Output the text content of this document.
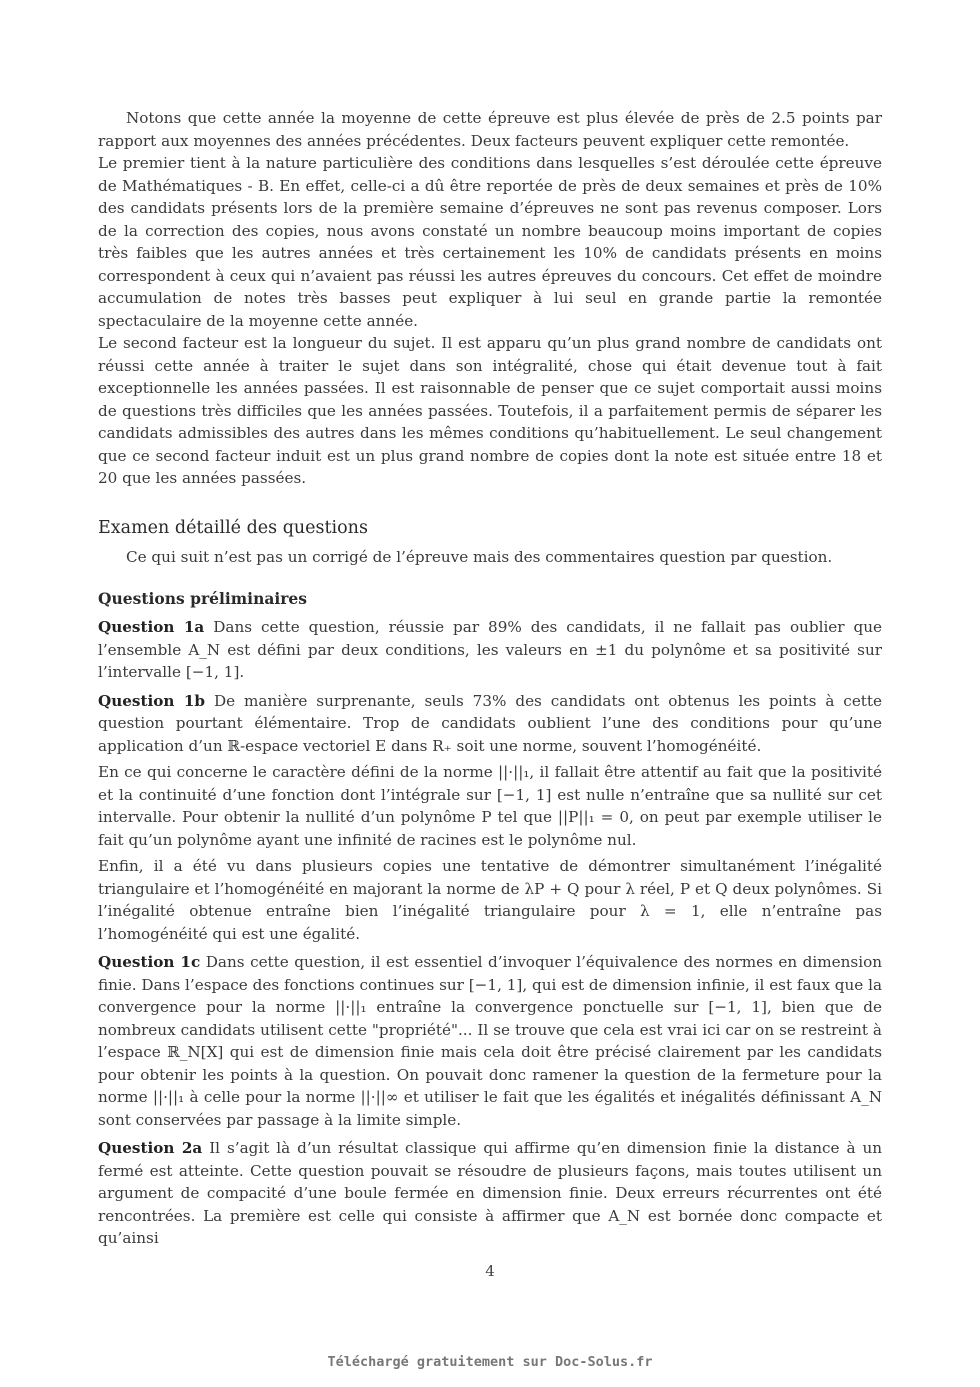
Notons que cette année la moyenne de cette épreuve est plus élevée de près de 2.5 points par rapport aux moyennes des années précédentes. Deux facteurs peuvent expliquer cette remontée.

Le premier tient à la nature particulière des conditions dans lesquelles s’est déroulée cette épreuve de Mathématiques - B. En effet, celle-ci a dû être reportée de près de deux semaines et près de 10% des candidats présents lors de la première semaine d’épreuves ne sont pas revenus composer. Lors de la correction des copies, nous avons constaté un nombre beaucoup moins important de copies très faibles que les autres années et très certainement les 10% de candidats présents en moins correspondent à ceux qui n’avaient pas réussi les autres épreuves du concours. Cet effet de moindre accumulation de notes très basses peut expliquer à lui seul en grande partie la remontée spectaculaire de la moyenne cette année.

Le second facteur est la longueur du sujet. Il est apparu qu’un plus grand nombre de candidats ont réussi cette année à traiter le sujet dans son intégralité, chose qui était devenue tout à fait exceptionnelle les années passées. Il est raisonnable de penser que ce sujet comportait aussi moins de questions très difficiles que les années passées. Toutefois, il a parfaitement permis de séparer les candidats admissibles des autres dans les mêmes conditions qu’habituellement. Le seul changement que ce second facteur induit est un plus grand nombre de copies dont la note est située entre 18 et 20 que les années passées.

Examen détaillé des questions

Ce qui suit n’est pas un corrigé de l’épreuve mais des commentaires question par question.

Questions préliminaires

Question 1a Dans cette question, réussie par 89% des candidats, il ne fallait pas oublier que l’ensemble A_N est défini par deux conditions, les valeurs en ±1 du polynôme et sa positivité sur l’intervalle [−1, 1].

Question 1b De manière surprenante, seuls 73% des candidats ont obtenus les points à cette question pourtant élémentaire. Trop de candidats oublient l’une des conditions pour qu’une application d’un ℝ-espace vectoriel E dans R₊ soit une norme, souvent l’homogénéité.

En ce qui concerne le caractère défini de la norme ||·||₁, il fallait être attentif au fait que la positivité et la continuité d’une fonction dont l’intégrale sur [−1, 1] est nulle n’entraîne que sa nullité sur cet intervalle. Pour obtenir la nullité d’un polynôme P tel que ||P||₁ = 0, on peut par exemple utiliser le fait qu’un polynôme ayant une infinité de racines est le polynôme nul.

Enfin, il a été vu dans plusieurs copies une tentative de démontrer simultanément l’inégalité triangulaire et l’homogénéité en majorant la norme de λP + Q pour λ réel, P et Q deux polynômes. Si l’inégalité obtenue entraîne bien l’inégalité triangulaire pour λ = 1, elle n’entraîne pas l’homogénéité qui est une égalité.

Question 1c Dans cette question, il est essentiel d’invoquer l’équivalence des normes en dimension finie. Dans l’espace des fonctions continues sur [−1, 1], qui est de dimension infinie, il est faux que la convergence pour la norme ||·||₁ entraîne la convergence ponctuelle sur [−1, 1], bien que de nombreux candidats utilisent cette "propriété"... Il se trouve que cela est vrai ici car on se restreint à l’espace ℝ_N[X] qui est de dimension finie mais cela doit être précisé clairement par les candidats pour obtenir les points à la question. On pouvait donc ramener la question de la fermeture pour la norme ||·||₁ à celle pour la norme ||·||∞ et utiliser le fait que les égalités et inégalités définissant A_N sont conservées par passage à la limite simple.

Question 2a Il s’agit là d’un résultat classique qui affirme qu’en dimension finie la distance à un fermé est atteinte. Cette question pouvait se résoudre de plusieurs façons, mais toutes utilisent un argument de compacité d’une boule fermée en dimension finie. Deux erreurs récurrentes ont été rencontrées. La première est celle qui consiste à affirmer que A_N est bornée donc compacte et qu’ainsi

4
Téléchargé gratuitement sur Doc-Solus.fr
